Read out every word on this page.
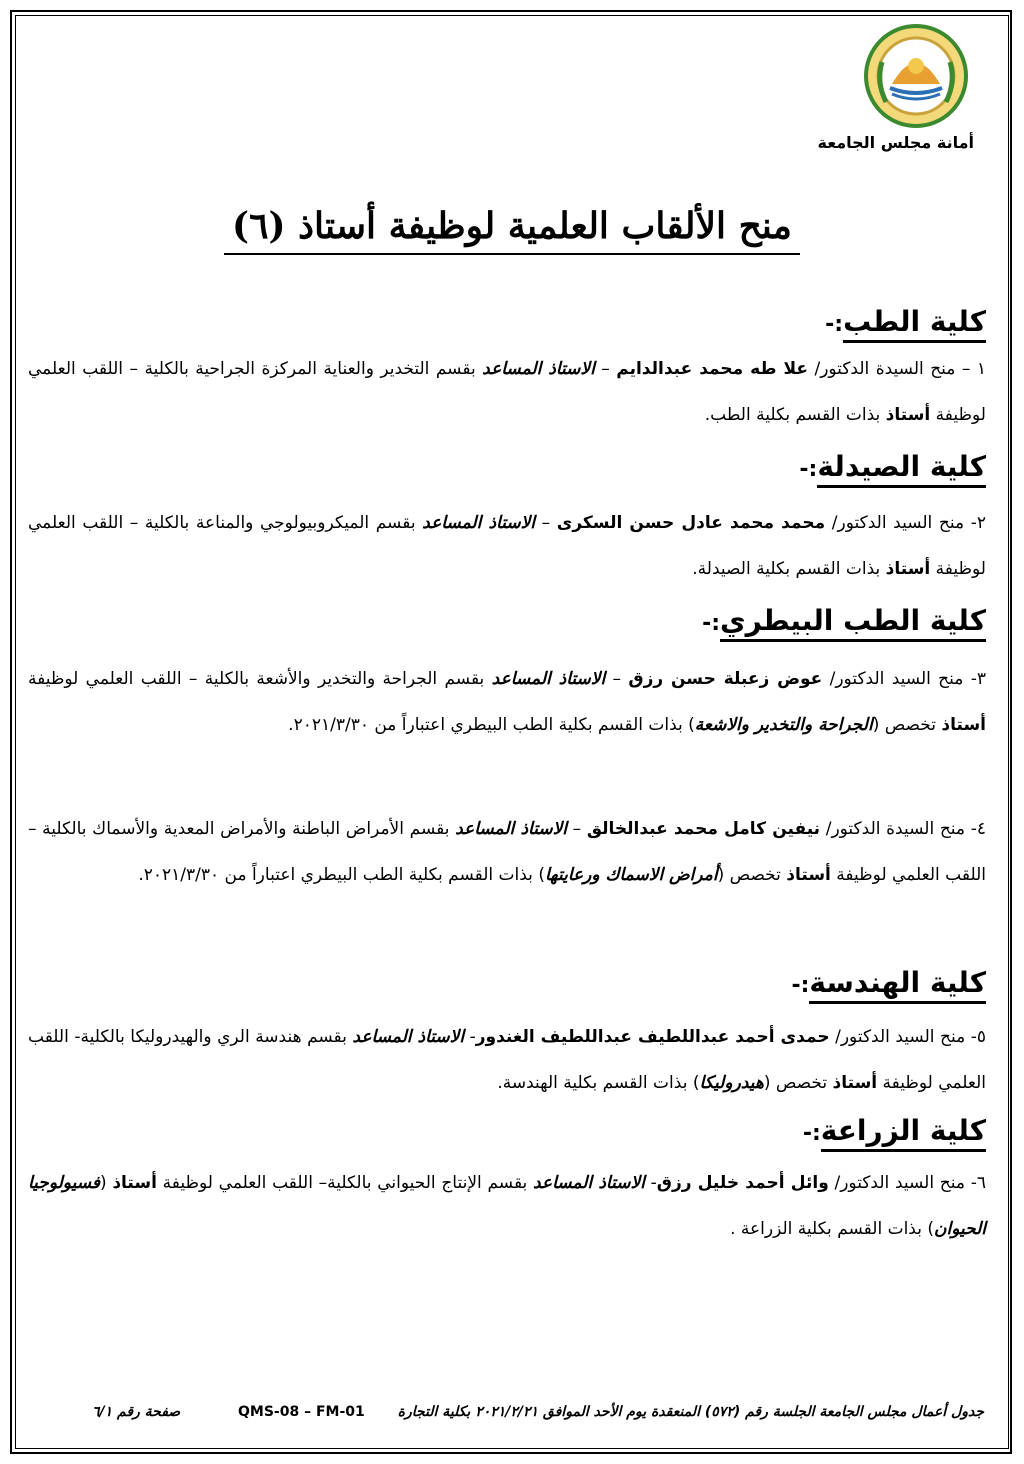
أمانة مجلس الجامعة
منح الألقاب العلمية لوظيفة أستاذ (٦)
كلية الطب:-
١ – منح السيدة الدكتور/ علا طه محمد عبدالدايم – الاستاذ المساعد بقسم التخدير والعناية المركزة الجراحية بالكلية – اللقب العلمي لوظيفة أستاذ بذات القسم بكلية الطب.
كلية الصيدلة:-
٢- منح السيد الدكتور/ محمد محمد عادل حسن السكرى – الاستاذ المساعد بقسم الميكروبيولوجي والمناعة بالكلية – اللقب العلمي لوظيفة أستاذ بذات القسم بكلية الصيدلة.
كلية الطب البيطري:-
٣- منح السيد الدكتور/ عوض زعبلة حسن رزق – الاستاذ المساعد بقسم الجراحة والتخدير والأشعة بالكلية – اللقب العلمي لوظيفة أستاذ تخصص (الجراحة والتخدير والاشعة) بذات القسم بكلية الطب البيطري اعتباراً من ٢٠٢١/٣/٣٠.
٤- منح السيدة الدكتور/ نيفين كامل محمد عبدالخالق – الاستاذ المساعد بقسم الأمراض الباطنة والأمراض المعدية والأسماك بالكلية – اللقب العلمي لوظيفة أستاذ تخصص (أمراض الاسماك ورعايتها) بذات القسم بكلية الطب البيطري اعتباراً من ٢٠٢١/٣/٣٠.
كلية الهندسة:-
٥- منح السيد الدكتور/ حمدى أحمد عبداللطيف عبداللطيف الغندور- الاستاذ المساعد بقسم هندسة الري والهيدروليكا بالكلية- اللقب العلمي لوظيفة أستاذ تخصص (هيدروليكا) بذات القسم بكلية الهندسة.
كلية الزراعة:-
٦- منح السيد الدكتور/ وائل أحمد خليل رزق- الاستاذ المساعد بقسم الإنتاج الحيواني بالكلية– اللقب العلمي لوظيفة أستاذ (فسيولوجيا الحيوان) بذات القسم بكلية الزراعة .
جدول أعمال مجلس الجامعة الجلسة رقم (٥٧٢) المنعقدة يوم الأحد الموافق ٢٠٢١/٢/٢١ بكلية التجارة
QMS-08 – FM-01
صفحة رقم ٦/١
